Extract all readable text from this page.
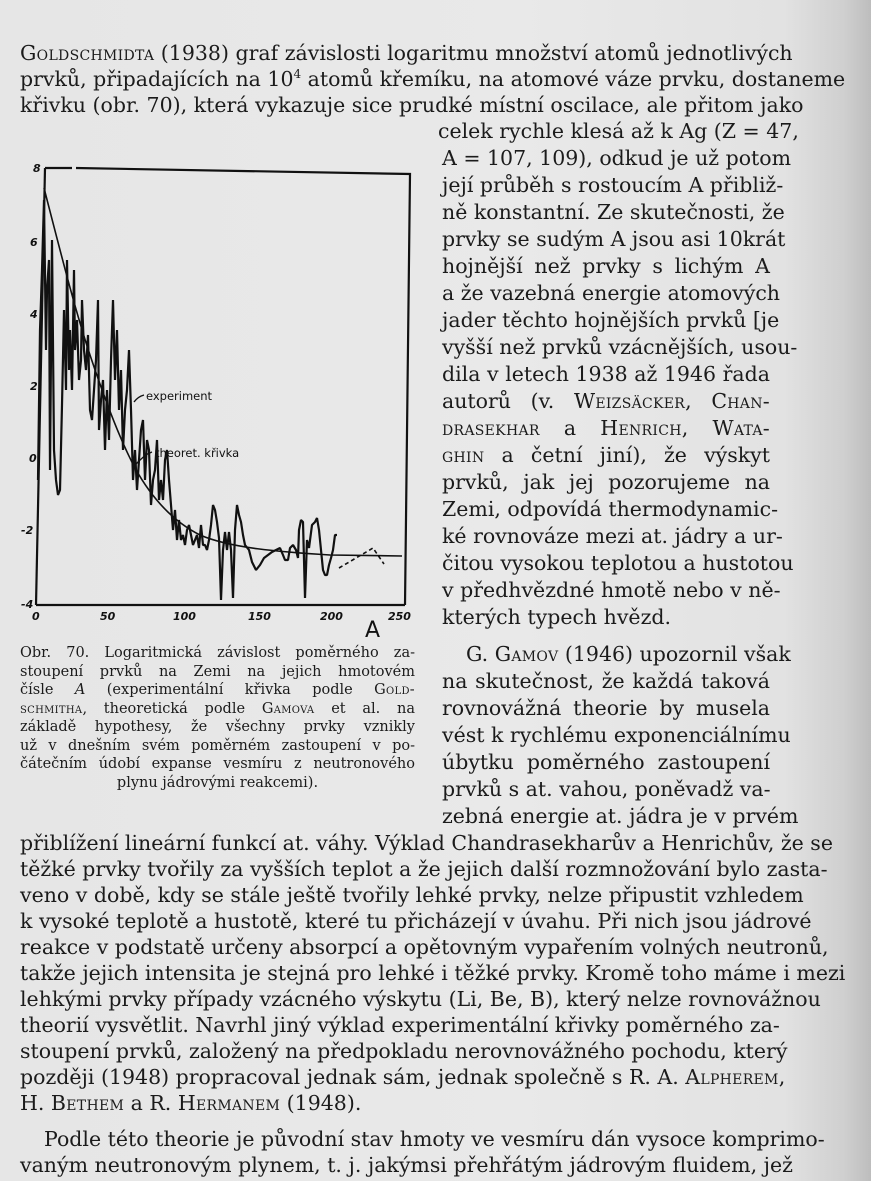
Goldschmidta (1938) graf závislosti logaritmu množství atomů jednotlivých
prvků, připadajících na $10^4$ atomů křemíku, na atomové váze prvku, dostaneme
křivku (obr. 70), která vykazuje sice prudké místní oscilace, ale přitom jako
celek rychle klesá až k Ag (Z = 47,
A = 107, 109), odkud je už potom
její průběh s rostoucím A přibliž-
ně konstantní. Ze skutečnosti, že
prvky se sudým A jsou asi 10krát
hojnější než prvky s lichým A
a že vazebná energie atomových
jader těchto hojnějších prvků [je
vyšší než prvků vzácnějších, usou-
dila v letech 1938 až 1946 řada
autorů (v. Weizsäcker, Chan-
drasekhar a Henrich, Wata-
ghin a četní jiní), že výskyt
prvků, jak jej pozorujeme na
Zemi, odpovídá thermodynamic-
ké rovnováze mezi at. jádry a ur-
čitou vysokou teplotou a hustotou
v předhvězdné hmotě nebo v ně-
kterých typech hvězd.
G. Gamov (1946) upozornil však
na skutečnost, že každá taková
rovnovážná theorie by musela
vést k rychlému exponenciálnímu
úbytku poměrného zastoupení
prvků s at. vahou, poněvadž va-
zebná energie at. jádra je v prvém
přiblížení lineární funkcí at. váhy. Výklad Chandrasekharův a Henrichův, že se
těžké prvky tvořily za vyšších teplot a že jejich další rozmnožování bylo zasta-
veno v době, kdy se stále ještě tvořily lehké prvky, nelze připustit vzhledem
k vysoké teplotě a hustotě, které tu přicházejí v úvahu. Při nich jsou jádrové
reakce v podstatě určeny absorpcí a opětovným vypařením volných neutronů,
takže jejich intensita je stejná pro lehké i těžké prvky. Kromě toho máme i mezi
lehkými prvky případy vzácného výskytu (Li, Be, B), který nelze rovnovážnou
theorií vysvětlit. Navrhl jiný výklad experimentální křivky poměrného za-
stoupení prvků, založený na předpokladu nerovnovážného pochodu, který
později (1948) propracoval jednak sám, jednak společně s R. A. Alpherem,
H. Bethem a R. Hermanem (1948).
Podle této theorie je původní stav hmoty ve vesmíru dán vysoce komprimo-
vaným neutronovým plynem, t. j. jakýmsi přehřátým jádrovým fluidem, jež
8
6
4
2
0
-2
-4
0	50	100	150	200	250
A
experiment
theoret. křivka
Obr. 70. Logaritmická závislost poměrného za-
stoupení prvků na Zemi na jejich hmotovém
čísle A (experimentální křivka podle Gold-
schmitha, theoretická podle Gamova et al. na
základě hypothesy, že všechny prvky vznikly
už v dnešním svém poměrném zastoupení v po-
čátečním údobí expanse vesmíru z neutronového
plynu jádrovými reakcemi).
